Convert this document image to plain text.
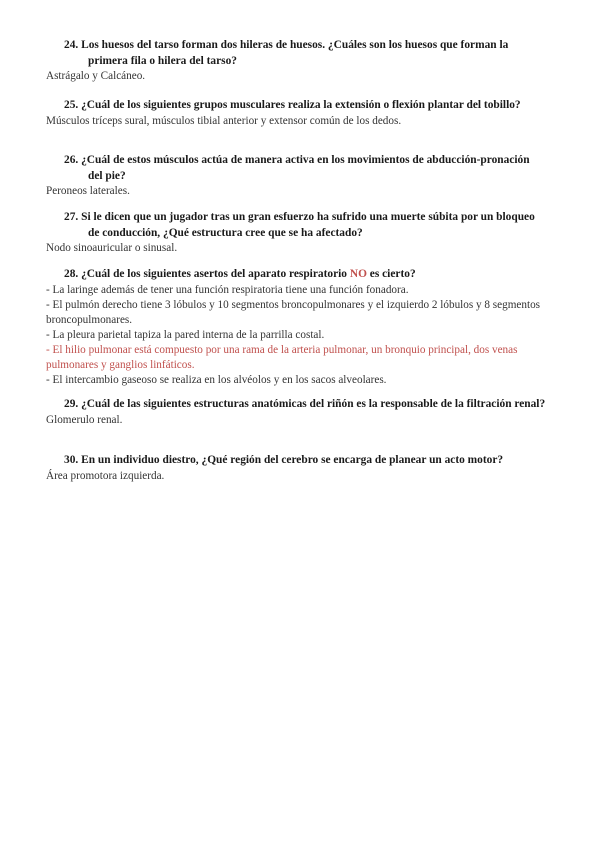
24. Los huesos del tarso forman dos hileras de huesos. ¿Cuáles son los huesos que forman la primera fila o hilera del tarso?
Astrágalo y Calcáneo.
25. ¿Cuál de los siguientes grupos musculares realiza la extensión o flexión plantar del tobillo?
Músculos tríceps sural, músculos tibial anterior y extensor común de los dedos.
26. ¿Cuál de estos músculos actúa de manera activa en los movimientos de abducción-pronación del pie?
Peroneos laterales.
27. Si le dicen que un jugador tras un gran esfuerzo ha sufrido una muerte súbita por un bloqueo de conducción, ¿Qué estructura cree que se ha afectado?
Nodo sinoauricular o sinusal.
28. ¿Cuál de los siguientes asertos del aparato respiratorio NO es cierto?
- La laringe además de tener una función respiratoria tiene una función fonadora.
- El pulmón derecho tiene 3 lóbulos y 10 segmentos broncopulmonares y el izquierdo 2 lóbulos y 8 segmentos broncopulmonares.
- La pleura parietal tapiza la pared interna de la parrilla costal.
- El hilio pulmonar está compuesto por una rama de la arteria pulmonar, un bronquio principal, dos venas pulmonares y ganglios linfáticos.
- El intercambio gaseoso se realiza en los alvéolos y en los sacos alveolares.
29. ¿Cuál de las siguientes estructuras anatómicas del riñón es la responsable de la filtración renal?
Glomerulo renal.
30. En un individuo diestro, ¿Qué región del cerebro se encarga de planear un acto motor?
Área promotora izquierda.
